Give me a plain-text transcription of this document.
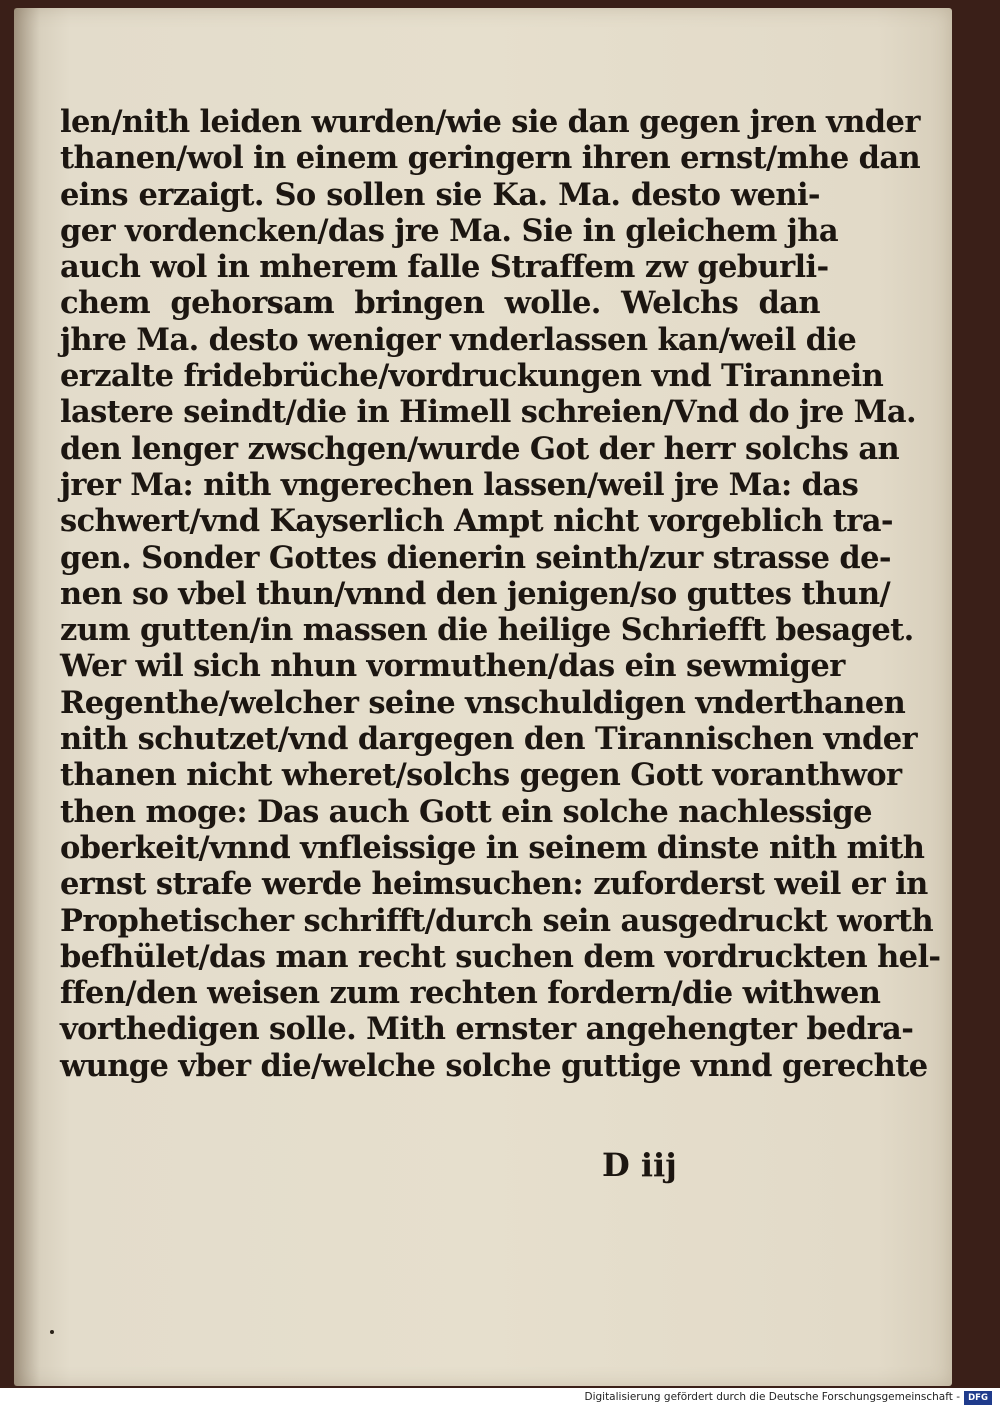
len/nith leiden wurden/wie sie dan gegen jren vnder
thanen/wol in einem geringern ihren ernst/mhe dan
eins erzaigt. So sollen sie Ka. Ma. desto weni-
ger vordencken/das jre Ma. Sie in gleichem jha
auch wol in mherem falle Straffem zw geburli-
chem gehorsam bringen wolle. Welchs dan
jhre Ma. desto weniger vnderlassen kan/weil die
erzalte fridebrüche/vordruckungen vnd Tirannein
lastere seindt/die in Himell schreien/Vnd do jre Ma.
den lenger zwschgen/wurde Got der herr solchs an
jrer Ma: nith vngerechen lassen/weil jre Ma: das
schwert/vnd Kayserlich Ampt nicht vorgeblich tra-
gen. Sonder Gottes dienerin seinth/zur strasse de-
nen so vbel thun/vnnd den jenigen/so guttes thun/
zum gutten/in massen die heilige Schriefft besaget.
Wer wil sich nhun vormuthen/das ein sewmiger
Regenthe/welcher seine vnschuldigen vnderthanen
nith schutzet/vnd dargegen den Tirannischen vnder
thanen nicht wheret/solchs gegen Gott voranthwor
then moge: Das auch Gott ein solche nachlessige
oberkeit/vnnd vnfleissige in seinem dinste nith mith
ernst strafe werde heimsuchen: zuforderst weil er in
Prophetischer schrifft/durch sein ausgedruckt worth
befhület/das man recht suchen dem vordruckten hel-
ffen/den weisen zum rechten fordern/die withwen
vorthedigen solle. Mith ernster angehengter bedra-
wunge vber die/welche solche guttige vnnd gerechte
D iij
Digitalisierung gefördert durch die Deutsche Forschungsgemeinschaft - DFG
